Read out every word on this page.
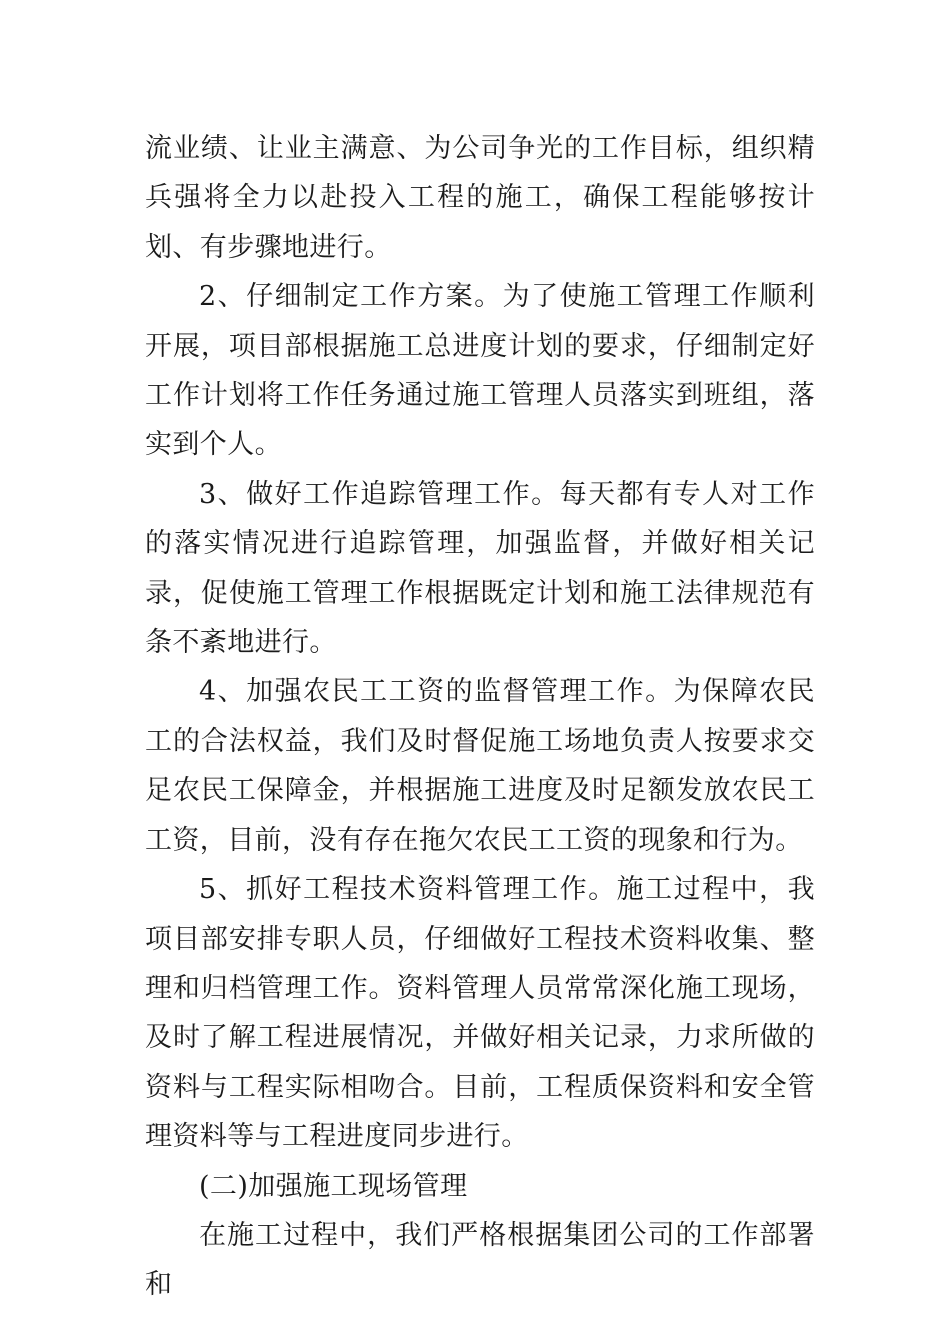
流业绩、让业主满意、为公司争光的工作目标，组织精兵强将全力以赴投入工程的施工，确保工程能够按计划、有步骤地进行。

2、仔细制定工作方案。为了使施工管理工作顺利开展，项目部根据施工总进度计划的要求，仔细制定好工作计划将工作任务通过施工管理人员落实到班组，落实到个人。

3、做好工作追踪管理工作。每天都有专人对工作的落实情况进行追踪管理，加强监督，并做好相关记录，促使施工管理工作根据既定计划和施工法律规范有条不紊地进行。

4、加强农民工工资的监督管理工作。为保障农民工的合法权益，我们及时督促施工场地负责人按要求交足农民工保障金，并根据施工进度及时足额发放农民工工资，目前，没有存在拖欠农民工工资的现象和行为。

5、抓好工程技术资料管理工作。施工过程中，我项目部安排专职人员，仔细做好工程技术资料收集、整理和归档管理工作。资料管理人员常常深化施工现场，及时了解工程进展情况，并做好相关记录，力求所做的资料与工程实际相吻合。目前，工程质保资料和安全管理资料等与工程进度同步进行。

(二)加强施工现场管理

在施工过程中，我们严格根据集团公司的工作部署和
